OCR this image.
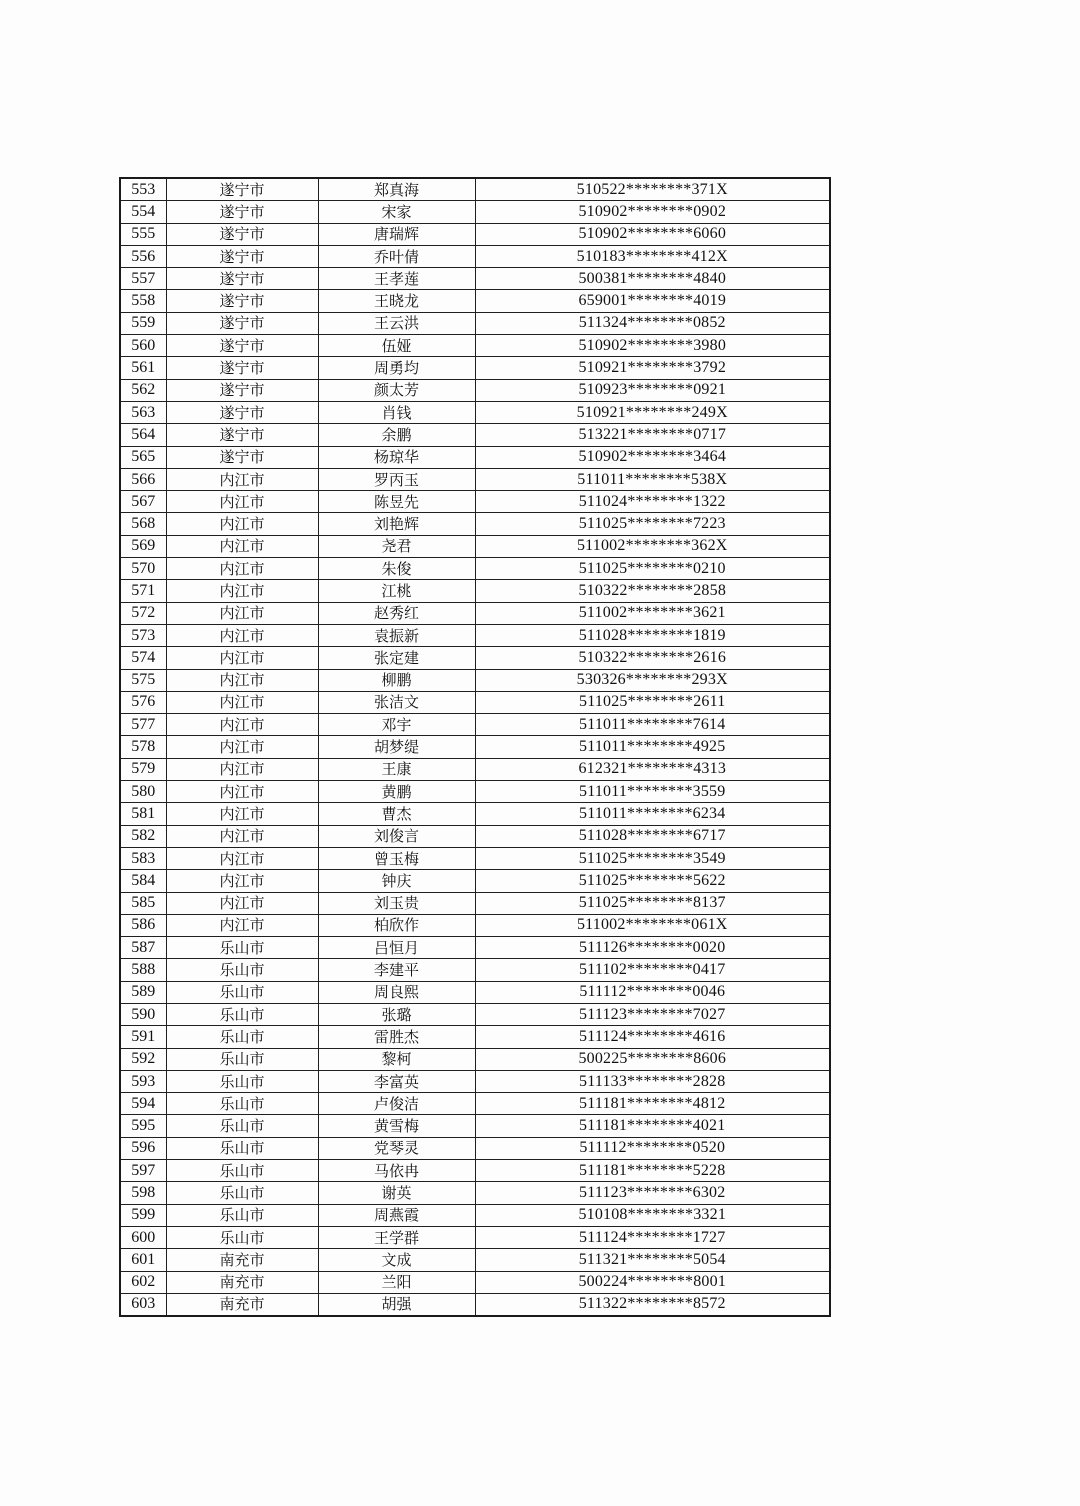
553	遂宁市	郑真海	510522********371X
554	遂宁市	宋家	510902********0902
555	遂宁市	唐瑞辉	510902********6060
556	遂宁市	乔叶倩	510183********412X
557	遂宁市	王孝莲	500381********4840
558	遂宁市	王晓龙	659001********4019
559	遂宁市	王云洪	511324********0852
560	遂宁市	伍娅	510902********3980
561	遂宁市	周勇均	510921********3792
562	遂宁市	颜太芳	510923********0921
563	遂宁市	肖钱	510921********249X
564	遂宁市	余鹏	513221********0717
565	遂宁市	杨琼华	510902********3464
566	内江市	罗丙玉	511011********538X
567	内江市	陈昱先	511024********1322
568	内江市	刘艳辉	511025********7223
569	内江市	尧君	511002********362X
570	内江市	朱俊	511025********0210
571	内江市	江桃	510322********2858
572	内江市	赵秀红	511002********3621
573	内江市	袁振新	511028********1819
574	内江市	张定建	510322********2616
575	内江市	柳鹏	530326********293X
576	内江市	张洁文	511025********2611
577	内江市	邓宇	511011********7614
578	内江市	胡梦缇	511011********4925
579	内江市	王康	612321********4313
580	内江市	黄鹏	511011********3559
581	内江市	曹杰	511011********6234
582	内江市	刘俊言	511028********6717
583	内江市	曾玉梅	511025********3549
584	内江市	钟庆	511025********5622
585	内江市	刘玉贵	511025********8137
586	内江市	柏欣作	511002********061X
587	乐山市	吕恒月	511126********0020
588	乐山市	李建平	511102********0417
589	乐山市	周良熙	511112********0046
590	乐山市	张璐	511123********7027
591	乐山市	雷胜杰	511124********4616
592	乐山市	黎柯	500225********8606
593	乐山市	李富英	511133********2828
594	乐山市	卢俊洁	511181********4812
595	乐山市	黄雪梅	511181********4021
596	乐山市	党琴灵	511112********0520
597	乐山市	马依冉	511181********5228
598	乐山市	谢英	511123********6302
599	乐山市	周燕霞	510108********3321
600	乐山市	王学群	511124********1727
601	南充市	文成	511321********5054
602	南充市	兰阳	500224********8001
603	南充市	胡强	511322********8572
